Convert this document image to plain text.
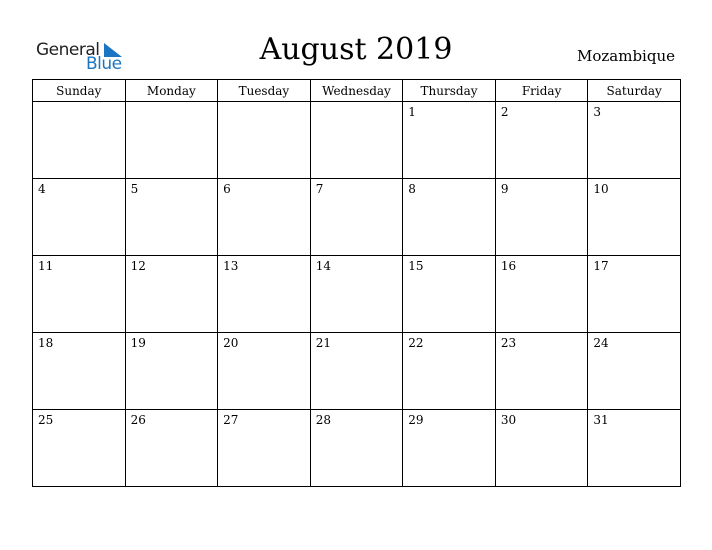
General
Blue	August 2019	Mozambique
Sunday	Monday	Tuesday	Wednesday	Thursday	Friday	Saturday

				1	2	3

4	5	6	7	8	9	10

11	12	13	14	15	16	17

18	19	20	21	22	23	24

25	26	27	28	29	30	31
